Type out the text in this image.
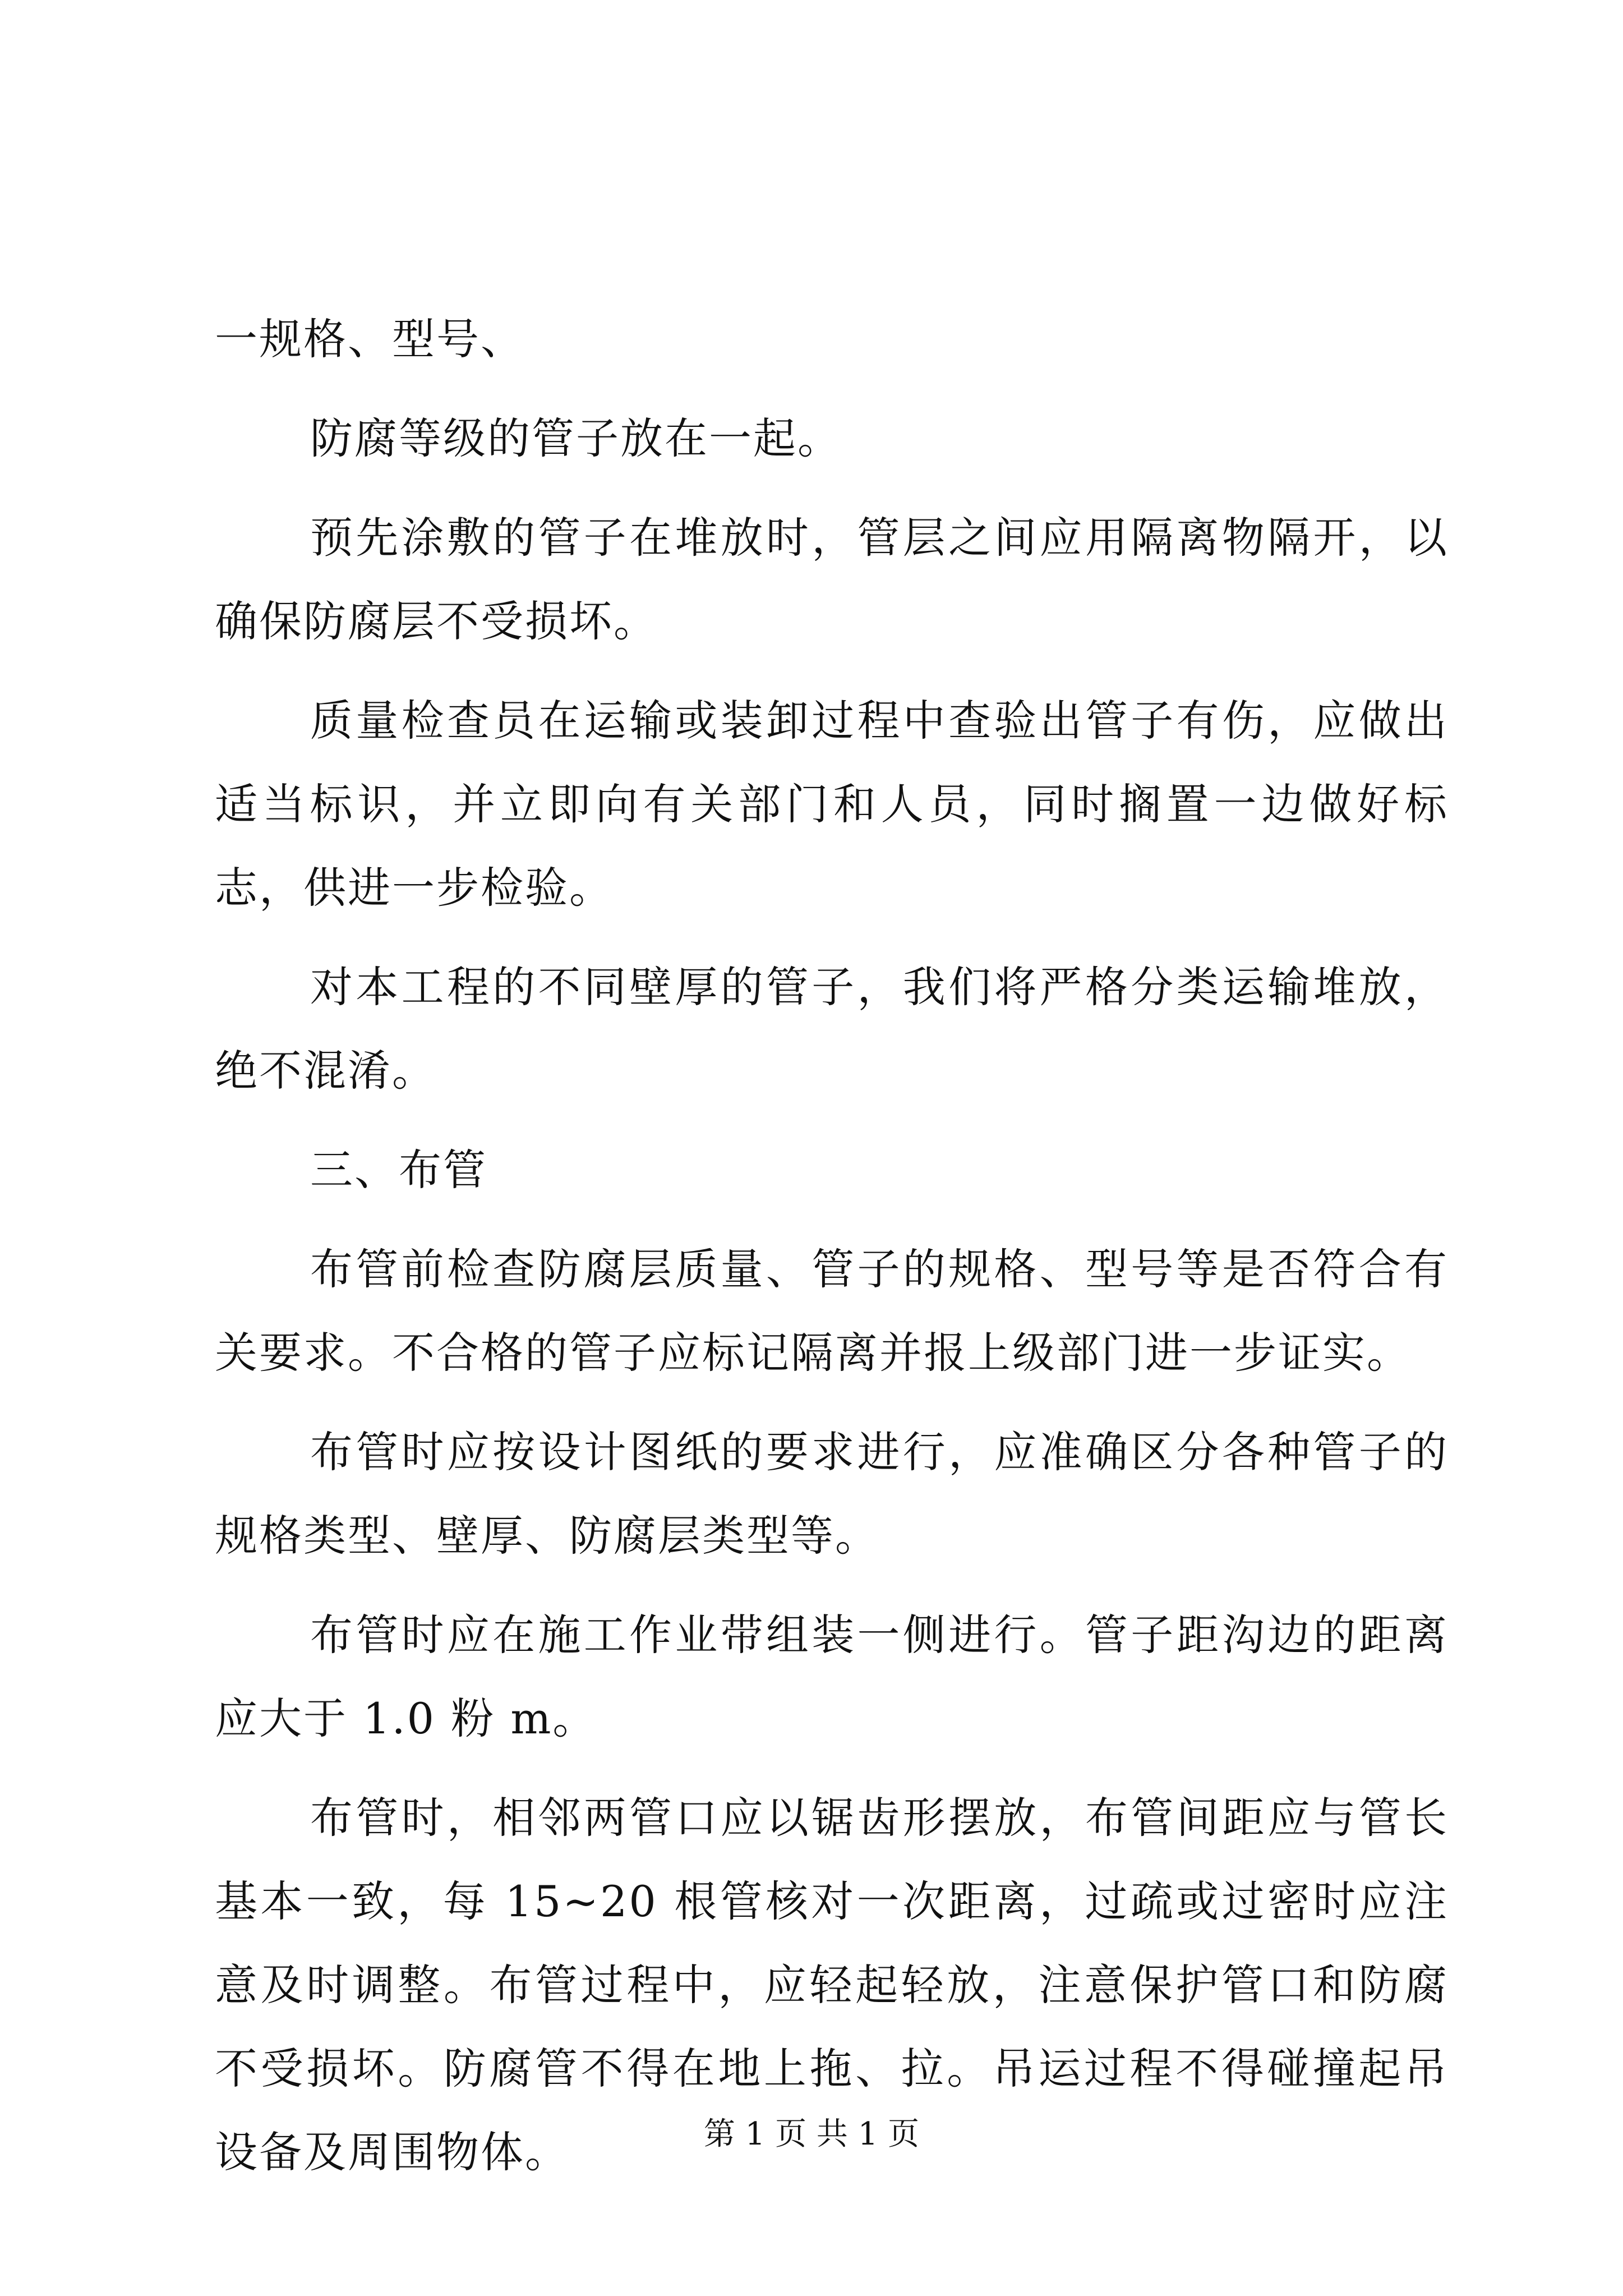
一规格、型号、

防腐等级的管子放在一起。

预先涂敷的管子在堆放时，管层之间应用隔离物隔开，以确保防腐层不受损坏。

质量检查员在运输或装卸过程中查验出管子有伤，应做出适当标识，并立即向有关部门和人员，同时搁置一边做好标志，供进一步检验。

对本工程的不同壁厚的管子，我们将严格分类运输堆放，绝不混淆。

三、布管

布管前检查防腐层质量、管子的规格、型号等是否符合有关要求。不合格的管子应标记隔离并报上级部门进一步证实。

布管时应按设计图纸的要求进行，应准确区分各种管子的规格类型、壁厚、防腐层类型等。

布管时应在施工作业带组装一侧进行。管子距沟边的距离应大于 1.0 粉 m。

布管时，相邻两管口应以锯齿形摆放，布管间距应与管长基本一致，每 15~20 根管核对一次距离，过疏或过密时应注意及时调整。布管过程中，应轻起轻放，注意保护管口和防腐不受损坏。防腐管不得在地上拖、拉。吊运过程不得碰撞起吊设备及周围物体。	第 1 页 共 1 页
